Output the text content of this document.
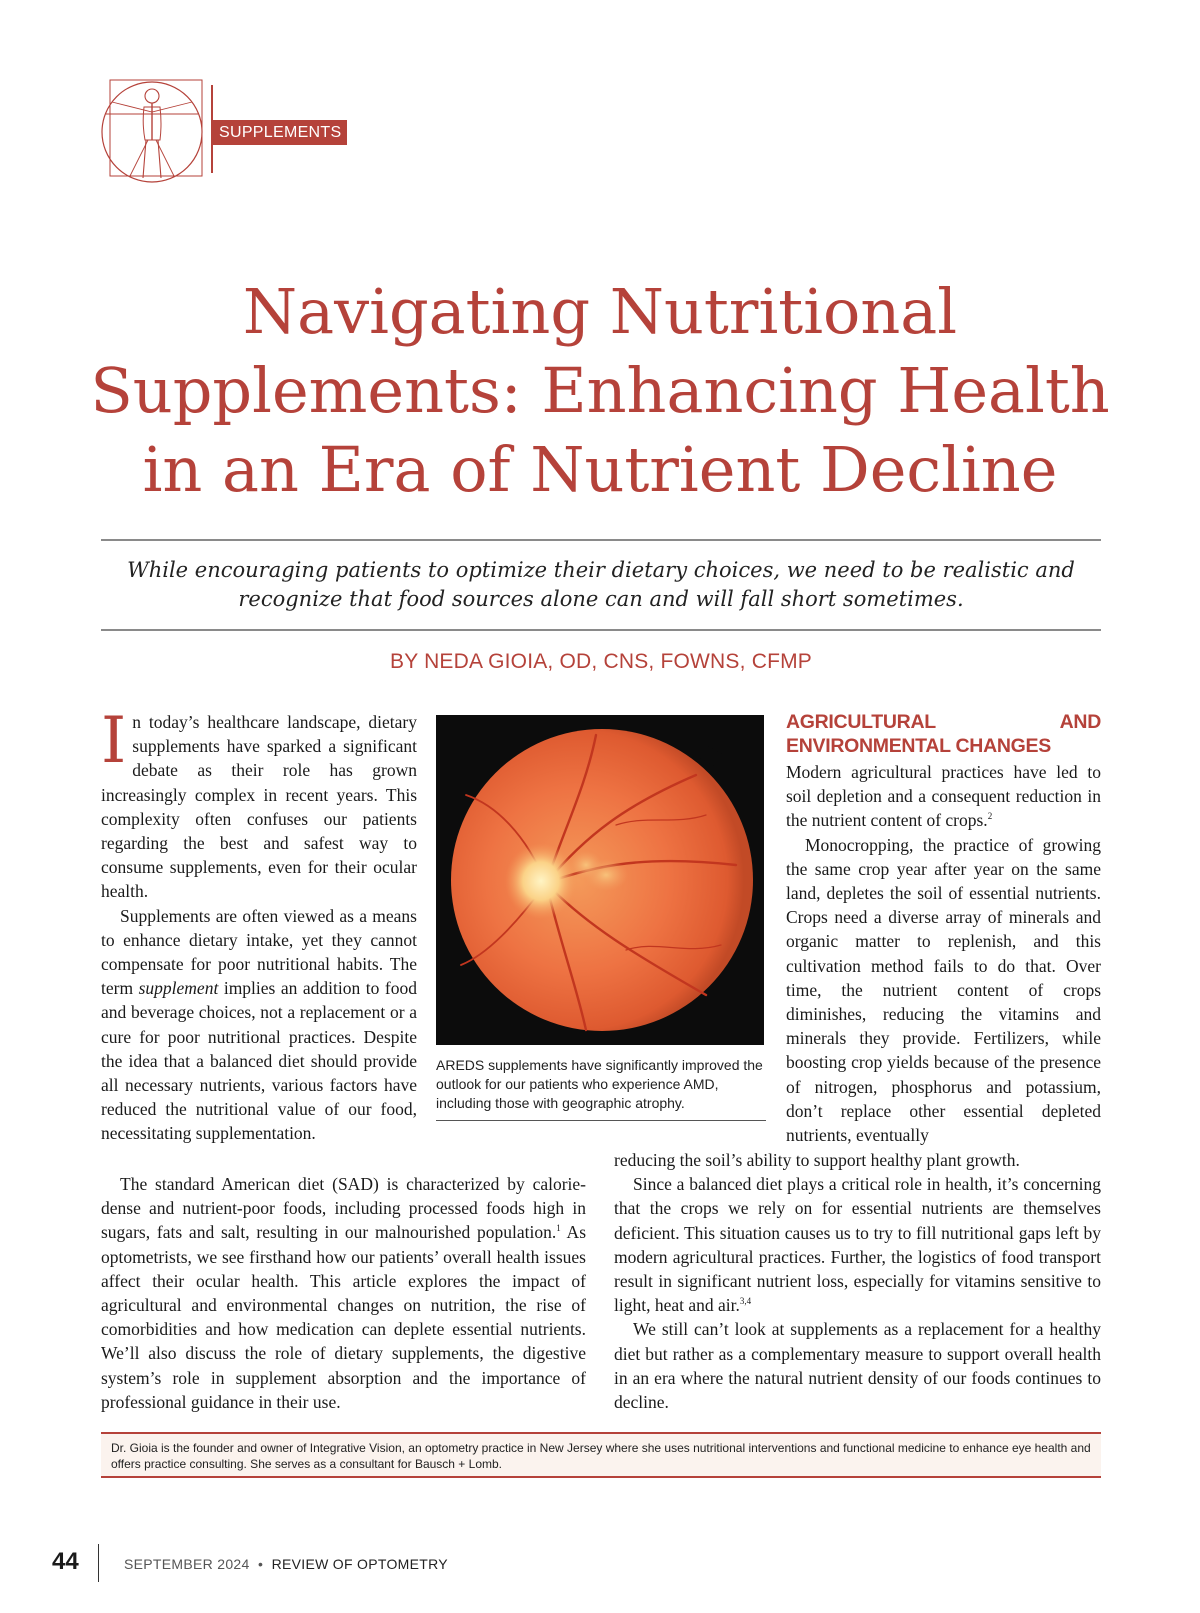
SUPPLEMENTS
Navigating Nutritional
Supplements: Enhancing Health
in an Era of Nutrient Decline
While encouraging patients to optimize their dietary choices, we need to be realistic and recognize that food sources alone can and will fall short sometimes.
BY NEDA GIOIA, OD, CNS, FOWNS, CFMP

In today’s healthcare landscape, dietary supplements have sparked a significant debate as their role has grown increasingly complex in recent years. This complexity often confuses our patients regarding the best and safest way to consume supplements, even for their ocular health.

Supplements are often viewed as a means to enhance dietary intake, yet they cannot compensate for poor nutritional habits. The term supplement implies an addition to food and beverage choices, not a replacement or a cure for poor nutritional practices. Despite the idea that a balanced diet should provide all necessary nutrients, various factors have reduced the nutritional value of our food, necessitating supplementation.

AREDS supplements have significantly improved the outlook for our patients who experience AMD, including those with geographic atrophy.
AGRICULTURAL AND ENVIRONMENTAL CHANGES

Modern agricultural practices have led to soil depletion and a consequent reduction in the nutrient content of crops.$^2$

Monocropping, the practice of growing the same crop year after year on the same land, depletes the soil of essential nutrients. Crops need a diverse array of minerals and organic matter to replenish, and this cultivation method fails to do that. Over time, the nutrient content of crops diminishes, reducing the vitamins and minerals they provide. Fertilizers, while boosting crop yields because of the presence of nitrogen, phosphorus and potassium, don’t replace other essential depleted nutrients, eventually

reducing the soil’s ability to support healthy plant growth.

Since a balanced diet plays a critical role in health, it’s concerning that the crops we rely on for essential nutrients are themselves deficient. This situation causes us to try to fill nutritional gaps left by modern agricultural practices. Further, the logistics of food transport result in significant nutrient loss, especially for vitamins sensitive to light, heat and air.$^{3,4}$

We still can’t look at supplements as a replacement for a healthy diet but rather as a complementary measure to support overall health in an era where the natural nutrient density of our foods continues to decline.

The standard American diet (SAD) is characterized by calorie-dense and nutrient-poor foods, including processed foods high in sugars, fats and salt, resulting in our malnourished population.$^1$ As optometrists, we see firsthand how our patients’ overall health issues affect their ocular health. This article explores the impact of agricultural and environmental changes on nutrition, the rise of comorbidities and how medication can deplete essential nutrients. We’ll also discuss the role of dietary supplements, the digestive system’s role in supplement absorption and the importance of professional guidance in their use.

Dr. Gioia is the founder and owner of Integrative Vision, an optometry practice in New Jersey where she uses nutritional interventions and functional medicine to enhance eye health and offers practice consulting. She serves as a consultant for Bausch + Lomb.
44	SEPTEMBER 2024 • REVIEW OF OPTOMETRY
